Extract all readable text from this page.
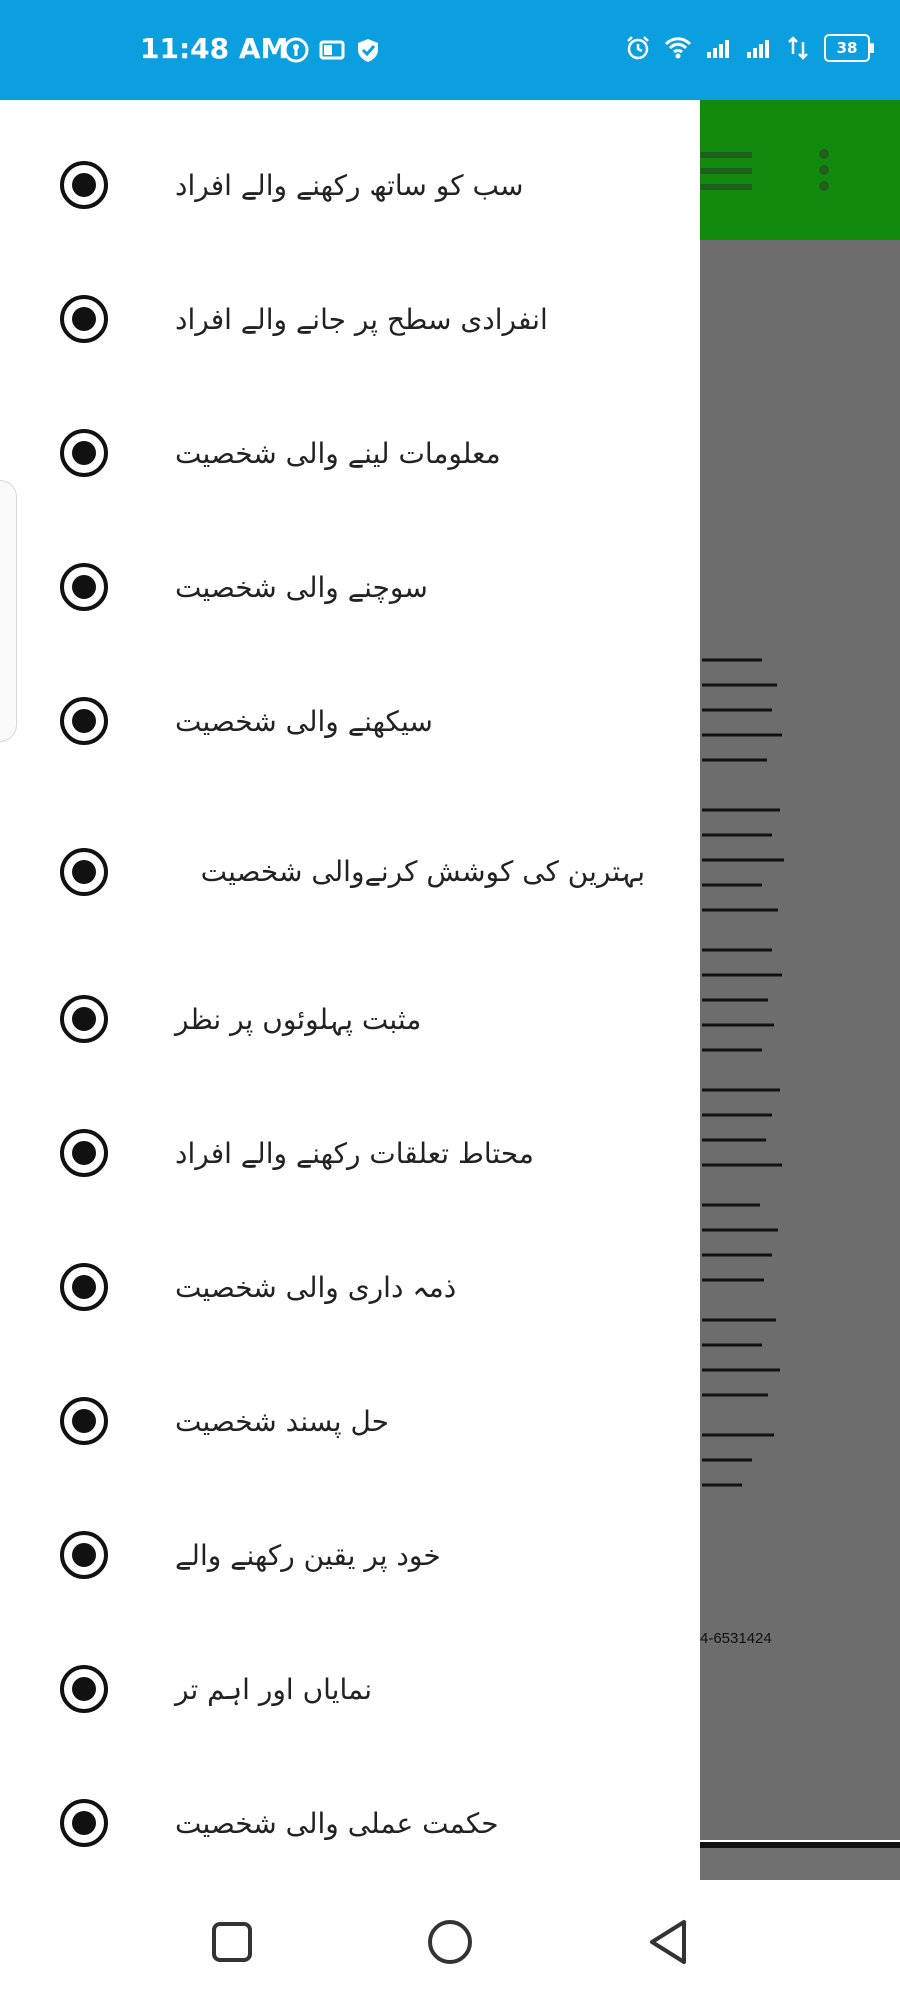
11:48 AM	38
4-6531424
سب کو ساتھ رکھنے والے افراد
انفرادی سطح پر جانے والے افراد
معلومات لینے والی شخصیت
سوچنے والی شخصیت
سیکھنے والی شخصیت
بہترین کی کوشش کرنےوالی شخصیت
مثبت پہلوئوں پر نظر
محتاط تعلقات رکھنے والے افراد
ذمہ داری والی شخصیت
حل پسند شخصیت
خود پر یقین رکھنے والے
نمایاں اور اہم تر
حکمت عملی والی شخصیت
